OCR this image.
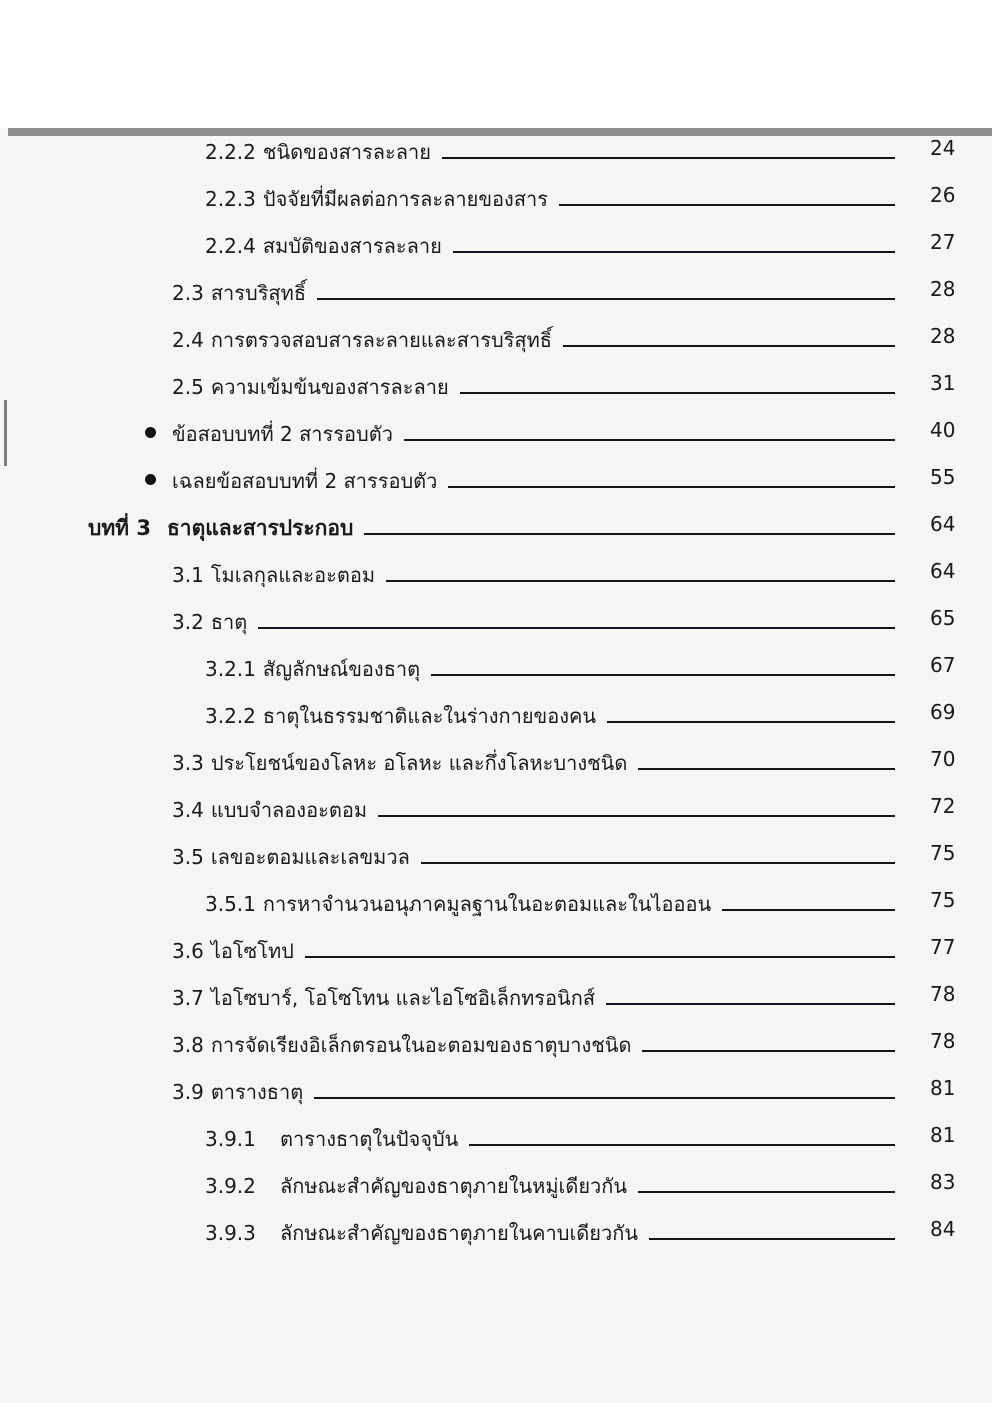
2.2.2 ชนิดของสารละลาย	24
2.2.3 ปัจจัยที่มีผลต่อการละลายของสาร	26
2.2.4 สมบัติของสารละลาย	27
2.3 สารบริสุทธิ์	28
2.4 การตรวจสอบสารละลายและสารบริสุทธิ์	28
2.5 ความเข้มข้นของสารละลาย	31
ข้อสอบบทที่ 2 สารรอบตัว	40
เฉลยข้อสอบบทที่ 2 สารรอบตัว	55
บทที่ 3 ธาตุและสารประกอบ	64
3.1 โมเลกุลและอะตอม	64
3.2 ธาตุ	65
3.2.1 สัญลักษณ์ของธาตุ	67
3.2.2 ธาตุในธรรมชาติและในร่างกายของคน	69
3.3 ประโยชน์ของโลหะ อโลหะ และกึ่งโลหะบางชนิด	70
3.4 แบบจำลองอะตอม	72
3.5 เลขอะตอมและเลขมวล	75
3.5.1 การหาจำนวนอนุภาคมูลฐานในอะตอมและในไอออน	75
3.6 ไอโซโทป	77
3.7 ไอโซบาร์, โอโซโทน และไอโซอิเล็กทรอนิกส์	78
3.8 การจัดเรียงอิเล็กตรอนในอะตอมของธาตุบางชนิด	78
3.9 ตารางธาตุ	81
3.9.1	ตารางธาตุในปัจจุบัน	81
3.9.2	ลักษณะสำคัญของธาตุภายในหมู่เดียวกัน	83
3.9.3	ลักษณะสำคัญของธาตุภายในคาบเดียวกัน	84
